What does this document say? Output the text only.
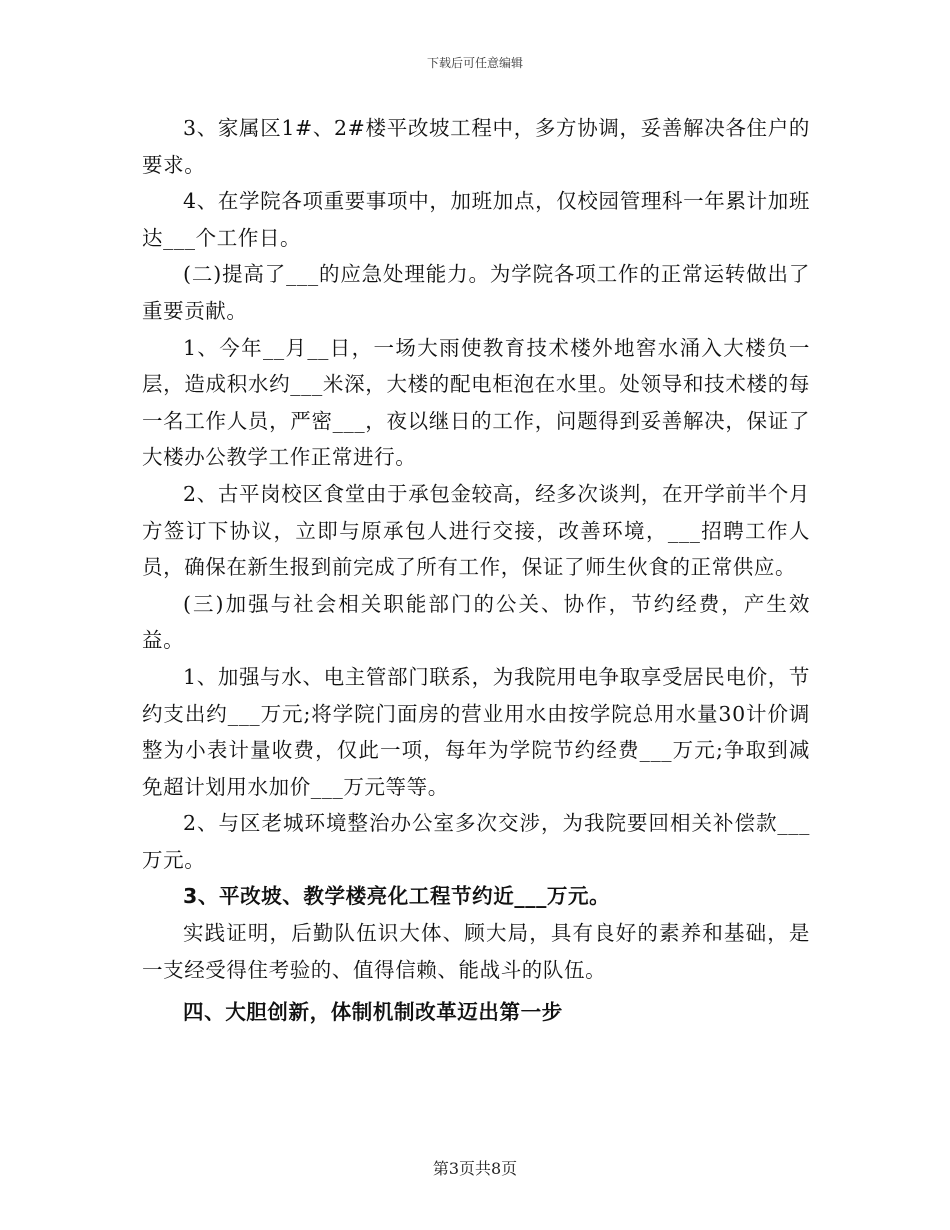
下载后可任意编辑

3、家属区1#、2#楼平改坡工程中，多方协调，妥善解决各住户的要求。

4、在学院各项重要事项中，加班加点，仅校园管理科一年累计加班达___个工作日。

(二)提高了___的应急处理能力。为学院各项工作的正常运转做出了重要贡献。

1、今年__月__日，一场大雨使教育技术楼外地窖水涌入大楼负一层，造成积水约___米深，大楼的配电柜泡在水里。处领导和技术楼的每一名工作人员，严密___，夜以继日的工作，问题得到妥善解决，保证了大楼办公教学工作正常进行。

2、古平岗校区食堂由于承包金较高，经多次谈判，在开学前半个月方签订下协议，立即与原承包人进行交接，改善环境，___招聘工作人员，确保在新生报到前完成了所有工作，保证了师生伙食的正常供应。

(三)加强与社会相关职能部门的公关、协作，节约经费，产生效益。

1、加强与水、电主管部门联系，为我院用电争取享受居民电价，节约支出约___万元;将学院门面房的营业用水由按学院总用水量30计价调整为小表计量收费，仅此一项，每年为学院节约经费___万元;争取到减免超计划用水加价___万元等等。

2、与区老城环境整治办公室多次交涉，为我院要回相关补偿款___万元。

3、平改坡、教学楼亮化工程节约近___万元。

实践证明，后勤队伍识大体、顾大局，具有良好的素养和基础，是一支经受得住考验的、值得信赖、能战斗的队伍。

四、大胆创新，体制机制改革迈出第一步

第3页共8页
